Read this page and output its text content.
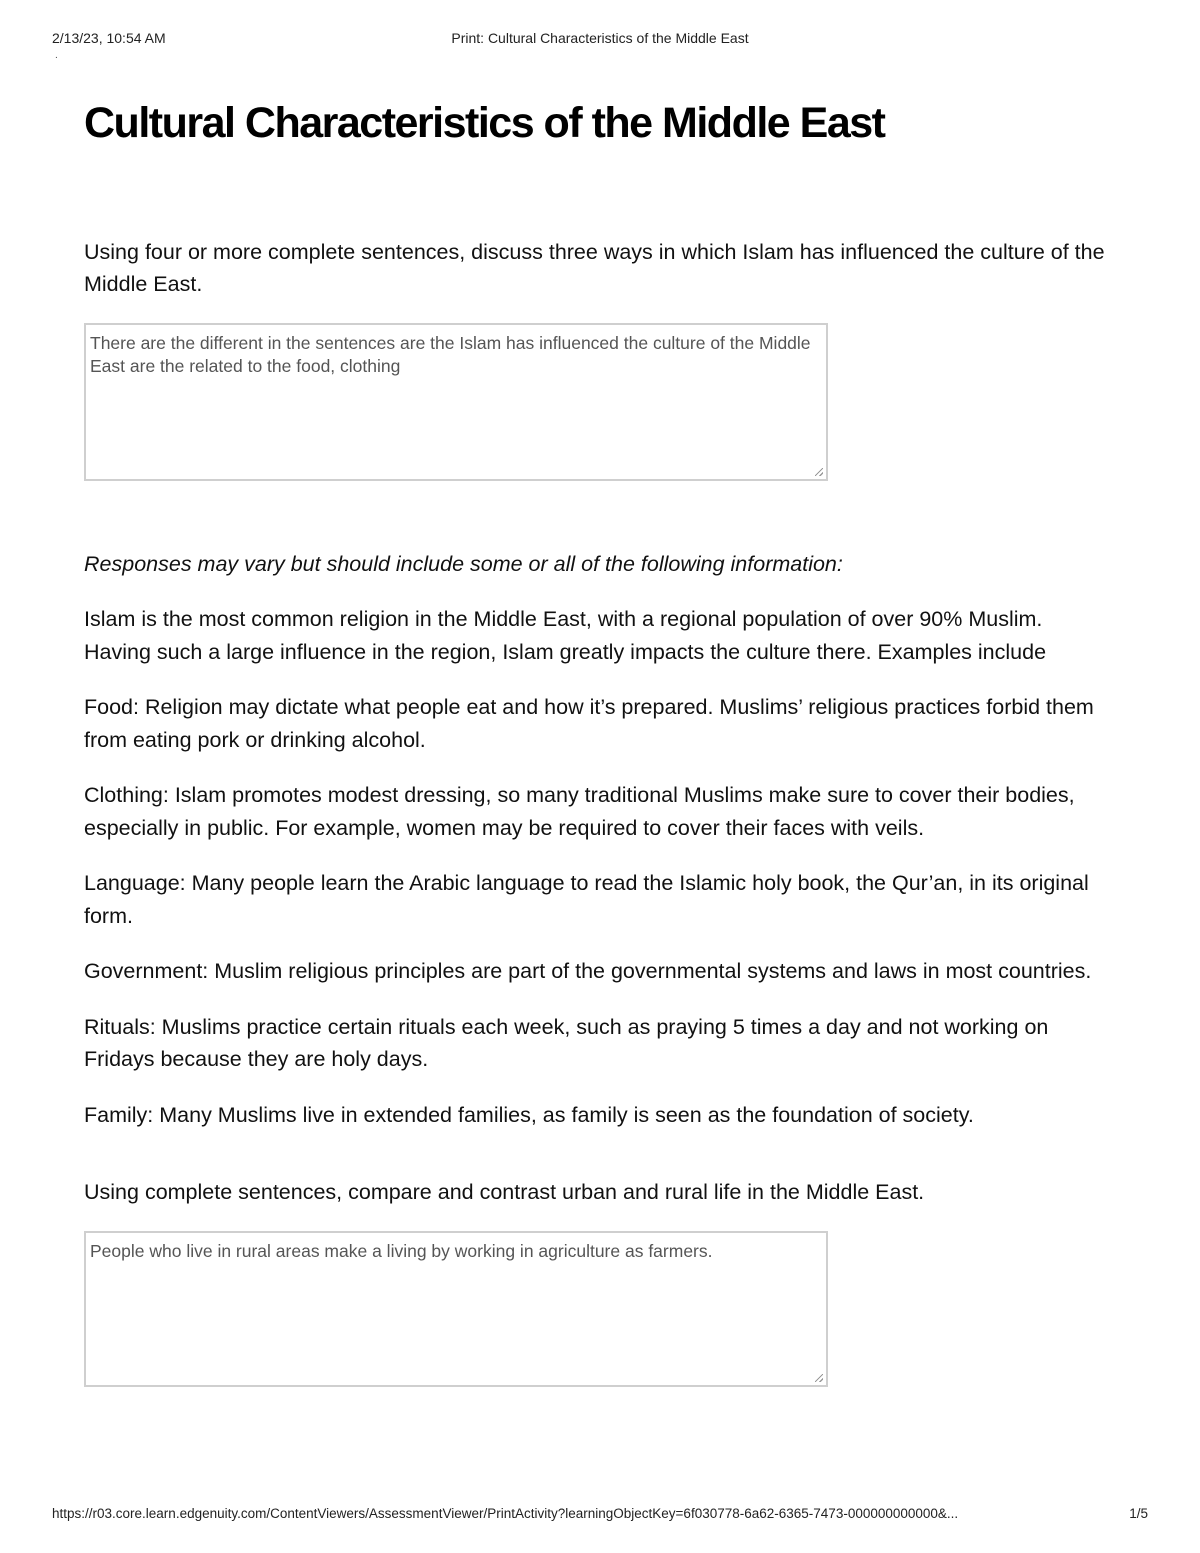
2/13/23, 10:54 AM	Print: Cultural Characteristics of the Middle East
.
Cultural Characteristics of the Middle East
Using four or more complete sentences, discuss three ways in which Islam has influenced the culture of the Middle East.
There are the different in the sentences are the Islam has influenced the culture of the Middle East are the related to the food, clothing
Responses may vary but should include some or all of the following information:
Islam is the most common religion in the Middle East, with a regional population of over 90% Muslim. Having such a large influence in the region, Islam greatly impacts the culture there. Examples include
Food: Religion may dictate what people eat and how it’s prepared. Muslims’ religious practices forbid them from eating pork or drinking alcohol.
Clothing: Islam promotes modest dressing, so many traditional Muslims make sure to cover their bodies, especially in public. For example, women may be required to cover their faces with veils.
Language: Many people learn the Arabic language to read the Islamic holy book, the Qur’an, in its original form.
Government: Muslim religious principles are part of the governmental systems and laws in most countries.
Rituals: Muslims practice certain rituals each week, such as praying 5 times a day and not working on Fridays because they are holy days.
Family: Many Muslims live in extended families, as family is seen as the foundation of society.
Using complete sentences, compare and contrast urban and rural life in the Middle East.
People who live in rural areas make a living by working in agriculture as farmers.
https://r03.core.learn.edgenuity.com/ContentViewers/AssessmentViewer/PrintActivity?learningObjectKey=6f030778-6a62-6365-7473-000000000000&...	1/5
